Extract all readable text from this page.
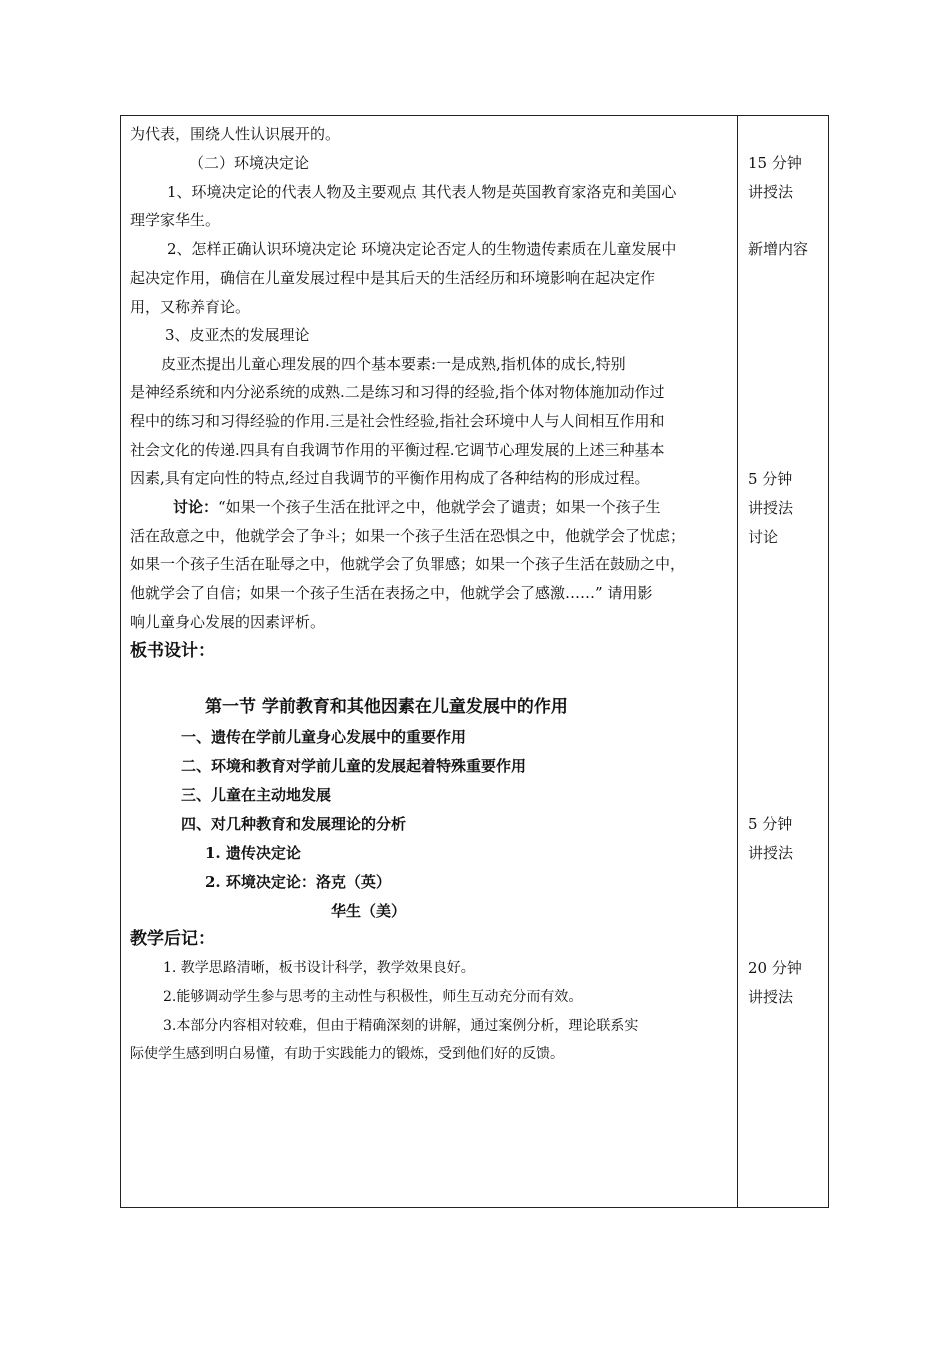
为代表，围绕人性认识展开的。
（二）环境决定论
1、环境决定论的代表人物及主要观点 其代表人物是英国教育家洛克和美国心
理学家华生。
2、怎样正确认识环境决定论 环境决定论否定人的生物遗传素质在儿童发展中
起决定作用，确信在儿童发展过程中是其后天的生活经历和环境影响在起决定作
用，又称养育论。
3、皮亚杰的发展理论
皮亚杰提出儿童心理发展的四个基本要素:一是成熟,指机体的成长,特别
是神经系统和内分泌系统的成熟.二是练习和习得的经验,指个体对物体施加动作过
程中的练习和习得经验的作用.三是社会性经验,指社会环境中人与人间相互作用和
社会文化的传递.四具有自我调节作用的平衡过程.它调节心理发展的上述三种基本
因素,具有定向性的特点,经过自我调节的平衡作用构成了各种结构的形成过程。
讨论：“如果一个孩子生活在批评之中，他就学会了谴责；如果一个孩子生
活在敌意之中，他就学会了争斗；如果一个孩子生活在恐惧之中，他就学会了忧虑；
如果一个孩子生活在耻辱之中，他就学会了负罪感；如果一个孩子生活在鼓励之中，
他就学会了自信；如果一个孩子生活在表扬之中，他就学会了感激……” 请用影
响儿童身心发展的因素评析。
板书设计：
第一节 学前教育和其他因素在儿童发展中的作用
一、遗传在学前儿童身心发展中的重要作用
二、环境和教育对学前儿童的发展起着特殊重要作用
三、儿童在主动地发展
四、对几种教育和发展理论的分析
1. 遗传决定论
2. 环境决定论：洛克（英）
华生（美）
教学后记：
1. 教学思路清晰，板书设计科学，教学效果良好。
2.能够调动学生参与思考的主动性与积极性，师生互动充分而有效。
3.本部分内容相对较难，但由于精确深刻的讲解，通过案例分析，理论联系实
际使学生感到明白易懂，有助于实践能力的锻炼，受到他们好的反馈。
15 分钟
讲授法
新增内容
5 分钟
讲授法
讨论
5 分钟
讲授法
20 分钟
讲授法
